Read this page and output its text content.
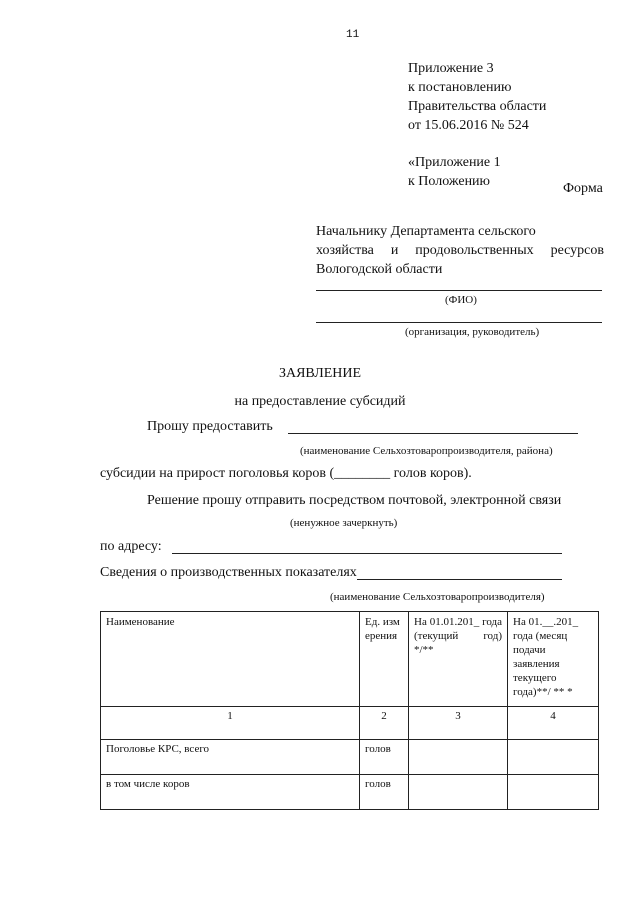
11
Приложение 3
к постановлению
Правительства области
от 15.06.2016 № 524
«Приложение 1
к Положению	Форма
Начальнику Департамента сельского
хозяйства и продовольственных ресурсов
Вологодской области
(ФИО)
(организация, руководитель)
ЗАЯВЛЕНИЕ
на предоставление субсидий
Прошу предоставить
(наименование Сельхозтоваропроизводителя, района)
субсидии на прирост поголовья коров (________ голов коров).
Решение прошу отправить посредством почтовой, электронной связи
(ненужное зачеркнуть)
по адресу:
Сведения о производственных показателях
(наименование Сельхозтоваропроизводителя)
Наименование	Ед. измерения	На 01.01.201_ года (текущий год) */**	На 01.__.201_ года (месяц подачи заявления текущего года)**/ ** *
1	2	3	4
Поголовье КРС, всего	голов		
в том числе коров	голов		
